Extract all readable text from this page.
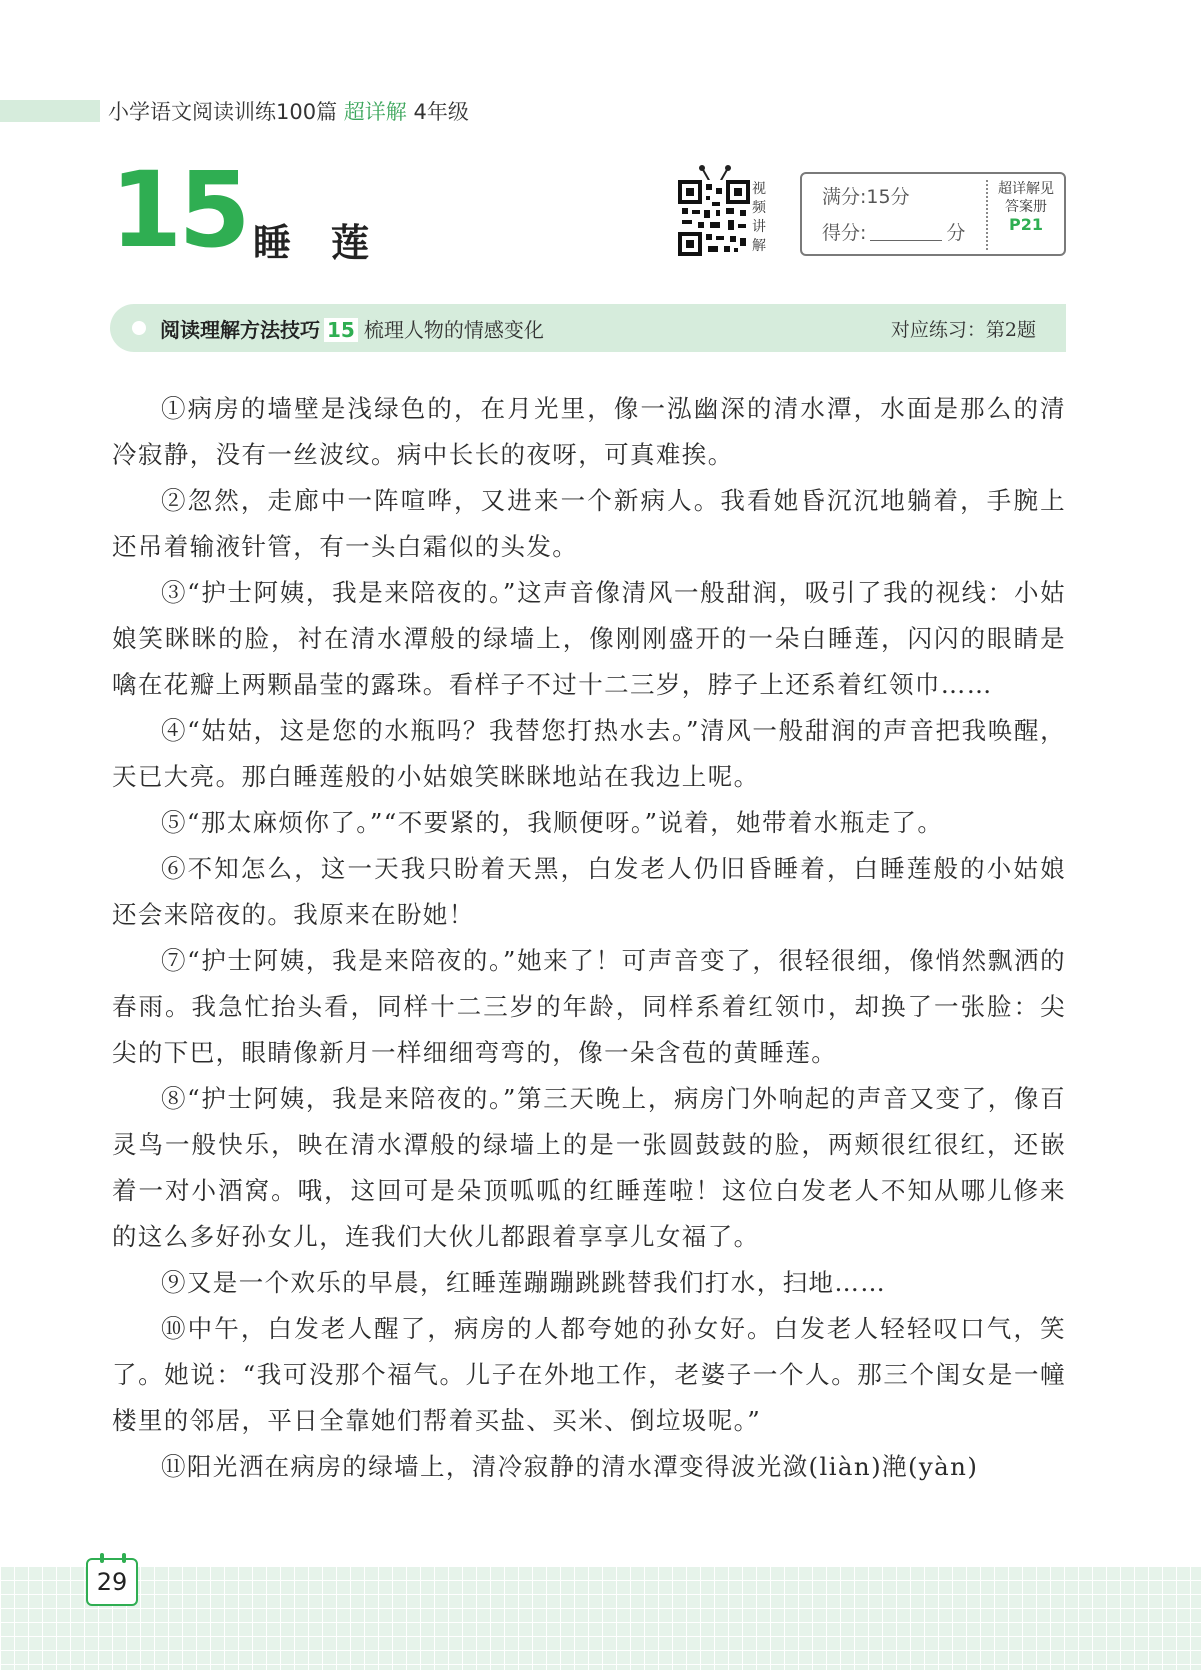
小学语文阅读训练100篇 超详解 4年级
15 睡莲
视频讲解
满分:15分
得分:	分
超详解见
答案册
P21
阅读理解方法技巧 15 梳理人物的情感变化	对应练习：第2题

①病房的墙壁是浅绿色的，在月光里，像一泓幽深的清水潭，水面是那么的清冷寂静，没有一丝波纹。病中长长的夜呀，可真难挨。

②忽然，走廊中一阵喧哗，又进来一个新病人。我看她昏沉沉地躺着，手腕上还吊着输液针管，有一头白霜似的头发。

③“护士阿姨，我是来陪夜的。”这声音像清风一般甜润，吸引了我的视线：小姑娘笑眯眯的脸，衬在清水潭般的绿墙上，像刚刚盛开的一朵白睡莲，闪闪的眼睛是噙在花瓣上两颗晶莹的露珠。看样子不过十二三岁，脖子上还系着红领巾……

④“姑姑，这是您的水瓶吗？我替您打热水去。”清风一般甜润的声音把我唤醒，天已大亮。那白睡莲般的小姑娘笑眯眯地站在我边上呢。

⑤“那太麻烦你了。”“不要紧的，我顺便呀。”说着，她带着水瓶走了。

⑥不知怎么，这一天我只盼着天黑，白发老人仍旧昏睡着，白睡莲般的小姑娘还会来陪夜的。我原来在盼她！

⑦“护士阿姨，我是来陪夜的。”她来了！可声音变了，很轻很细，像悄然飘洒的春雨。我急忙抬头看，同样十二三岁的年龄，同样系着红领巾，却换了一张脸：尖尖的下巴，眼睛像新月一样细细弯弯的，像一朵含苞的黄睡莲。

⑧“护士阿姨，我是来陪夜的。”第三天晚上，病房门外响起的声音又变了，像百灵鸟一般快乐，映在清水潭般的绿墙上的是一张圆鼓鼓的脸，两颊很红很红，还嵌着一对小酒窝。哦，这回可是朵顶呱呱的红睡莲啦！这位白发老人不知从哪儿修来的这么多好孙女儿，连我们大伙儿都跟着享享儿女福了。

⑨又是一个欢乐的早晨，红睡莲蹦蹦跳跳替我们打水，扫地……

⑩中午，白发老人醒了，病房的人都夸她的孙女好。白发老人轻轻叹口气，笑了。她说：“我可没那个福气。儿子在外地工作，老婆子一个人。那三个闺女是一幢楼里的邻居，平日全靠她们帮着买盐、买米、倒垃圾呢。”

⑪阳光洒在病房的绿墙上，清冷寂静的清水潭变得波光潋(liàn)滟(yàn)

29
